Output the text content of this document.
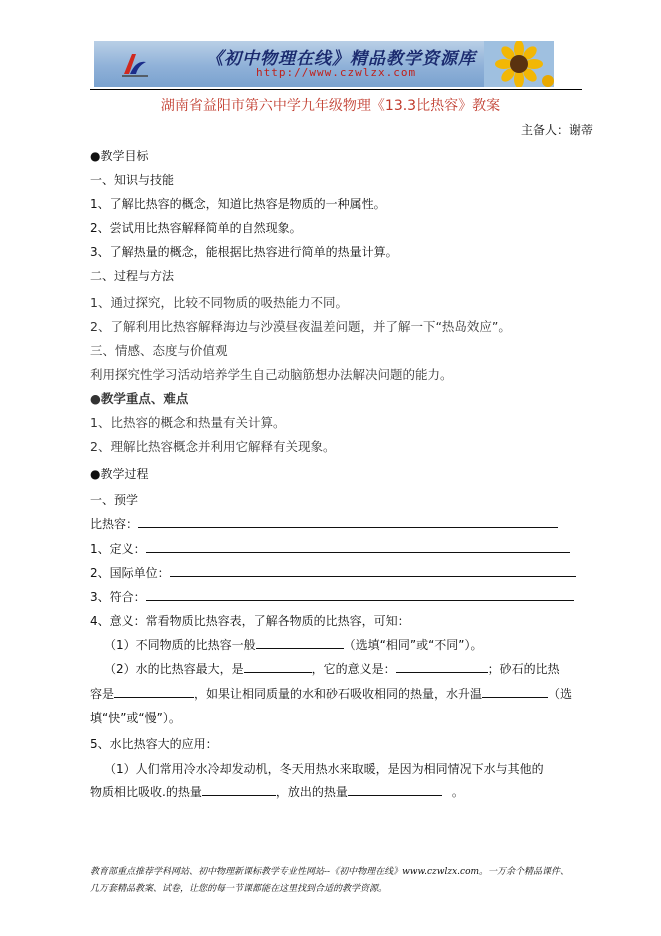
《初中物理在线》精品教学资源库
http://www.czwlzx.com
湖南省益阳市第六中学九年级物理《13.3比热容》教案
主备人：谢蒂
●教学目标
一、知识与技能
1、了解比热容的概念，知道比热容是物质的一种属性。
2、尝试用比热容解释简单的自然现象。
3、了解热量的概念，能根据比热容进行简单的热量计算。
二、过程与方法
1、通过探究，比较不同物质的吸热能力不同。
2、了解利用比热容解释海边与沙漠昼夜温差问题，并了解一下“热岛效应”。
三、情感、态度与价值观
利用探究性学习活动培养学生自己动脑筋想办法解决问题的能力。
●教学重点、难点
1、比热容的概念和热量有关计算。
2、理解比热容概念并利用它解释有关现象。
●教学过程
一、预学
比热容：
1、定义：
2、国际单位：
3、符合：
4、意义：常看物质比热容表，了解各物质的比热容，可知：
（1）不同物质的比热容一般	（选填“相同”或“不同”）。
（2）水的比热容最大，是	，它的意义是：	；砂石的比热
容是	，如果让相同质量的水和砂石吸收相同的热量，水升温	（选
填“快”或“慢”）。
5、水比热容大的应用：
（1）人们常用冷水冷却发动机，冬天用热水来取暖，是因为相同情况下水与其他的
物质相比吸收.的热量	，放出的热量	。
教育部重点推荐学科网站、初中物理新课标教学专业性网站--《初中物理在线》www.czwlzx.com。一万余个精品课件、
几万套精品教案、试卷，让您的每一节课都能在这里找到合适的教学资源。
